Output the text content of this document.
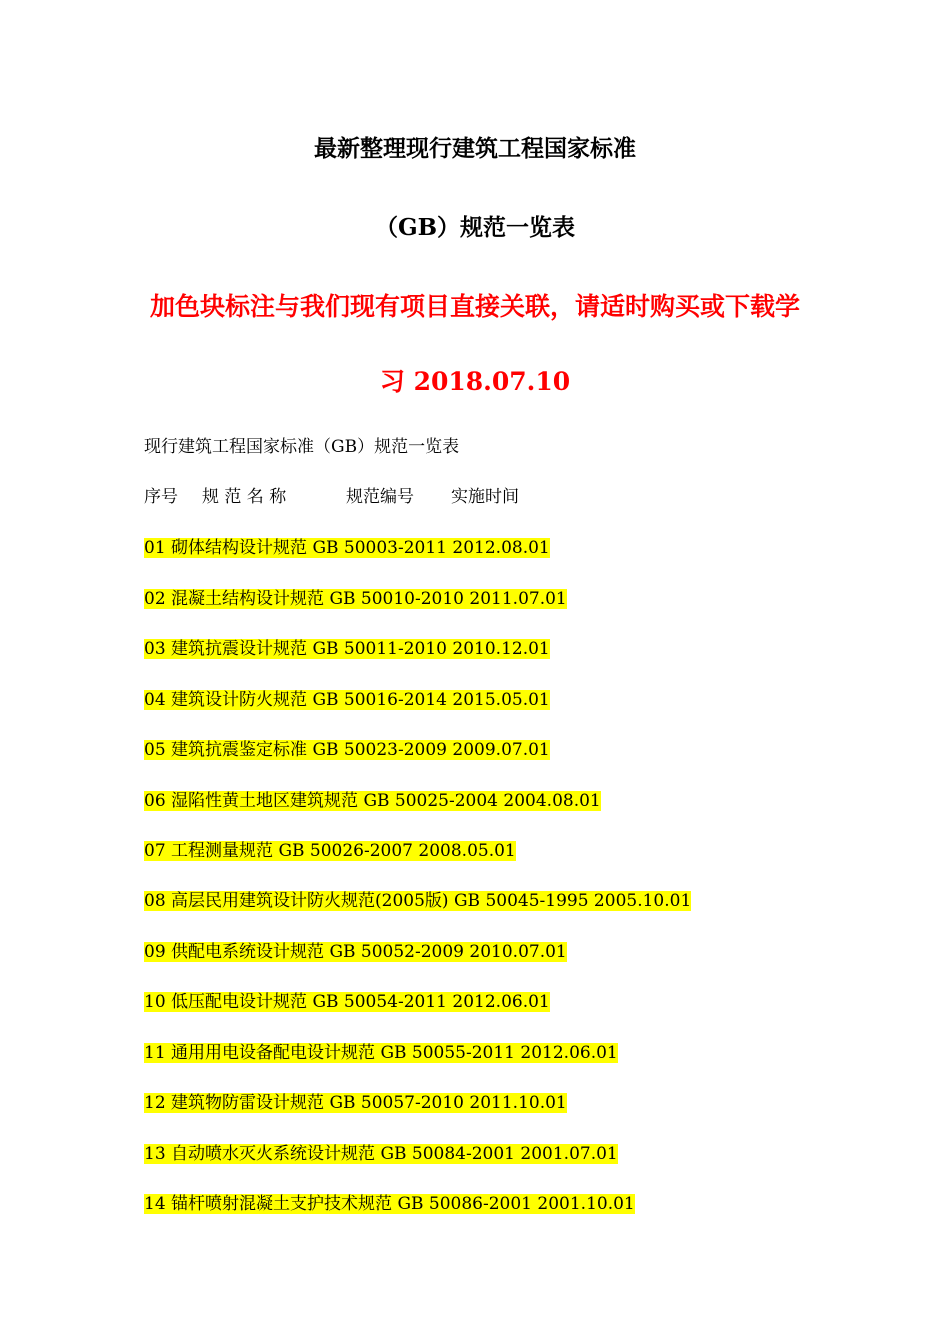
最新整理现行建筑工程国家标准
（GB）规范一览表
加色块标注与我们现有项目直接关联，请适时购买或下载学
习 2018.07.10
现行建筑工程国家标准（GB）规范一览表
序号 规 范 名 称	规范编号 实施时间
01 砌体结构设计规范 GB 50003-2011 2012.08.01
02 混凝土结构设计规范 GB 50010-2010 2011.07.01
03 建筑抗震设计规范 GB 50011-2010 2010.12.01
04 建筑设计防火规范 GB 50016-2014 2015.05.01
05 建筑抗震鉴定标准 GB 50023-2009 2009.07.01
06 湿陷性黄土地区建筑规范 GB 50025-2004 2004.08.01
07 工程测量规范 GB 50026-2007 2008.05.01
08 高层民用建筑设计防火规范(2005版) GB 50045-1995 2005.10.01
09 供配电系统设计规范 GB 50052-2009 2010.07.01
10 低压配电设计规范 GB 50054-2011 2012.06.01
11 通用用电设备配电设计规范 GB 50055-2011 2012.06.01
12 建筑物防雷设计规范 GB 50057-2010 2011.10.01
13 自动喷水灭火系统设计规范 GB 50084-2001 2001.07.01
14 锚杆喷射混凝土支护技术规范 GB 50086-2001 2001.10.01
